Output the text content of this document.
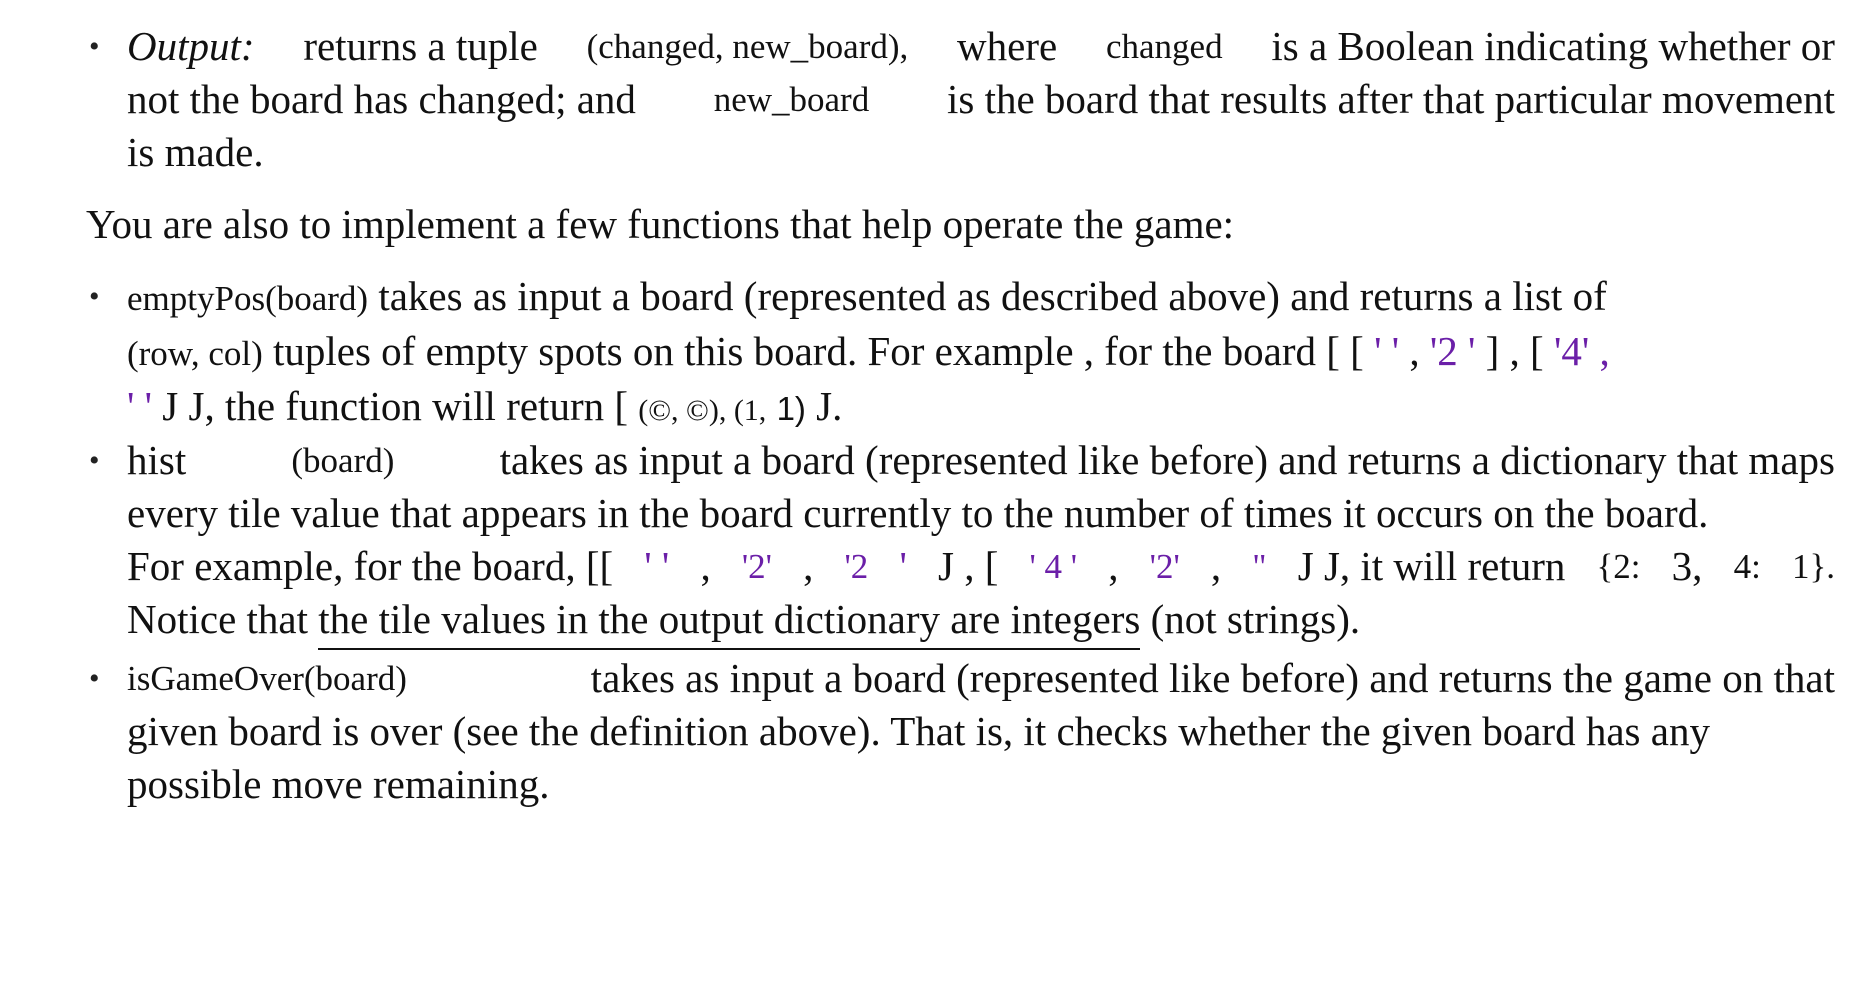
• Output: returns a tuple (changed, new_board), where changed is a Boolean indicating whether or
not the board has changed; and new_board is the board that results after that particular movement
is made.
You are also to implement a few functions that help operate the game:
• emptyPos(board) takes as input a board (represented as described above) and returns a list of
(row, col) tuples of empty spots on this board. For example , for the board [ [ ' ' , '2 ' ] , [ '4' ,
' ' J J, the function will return [ (©, ©), (1, 1) J.
• hist	(board)	takes as input a board (represented like before) and returns a dictionary that maps
every tile value that appears in the board currently to the number of times it occurs on the board.
For example, for the board, [[ ' ' , '2' , '2 ' J , [ ' 4 ' , '2' , " J J, it will return {2: 3, 4: 1}.
Notice that the tile values in the output dictionary are integers (not strings).
• isGameOver(board)	takes as input a board (represented like before) and returns the game on that
given board is over (see the definition above). That is, it checks whether the given board has any
possible move remaining.
